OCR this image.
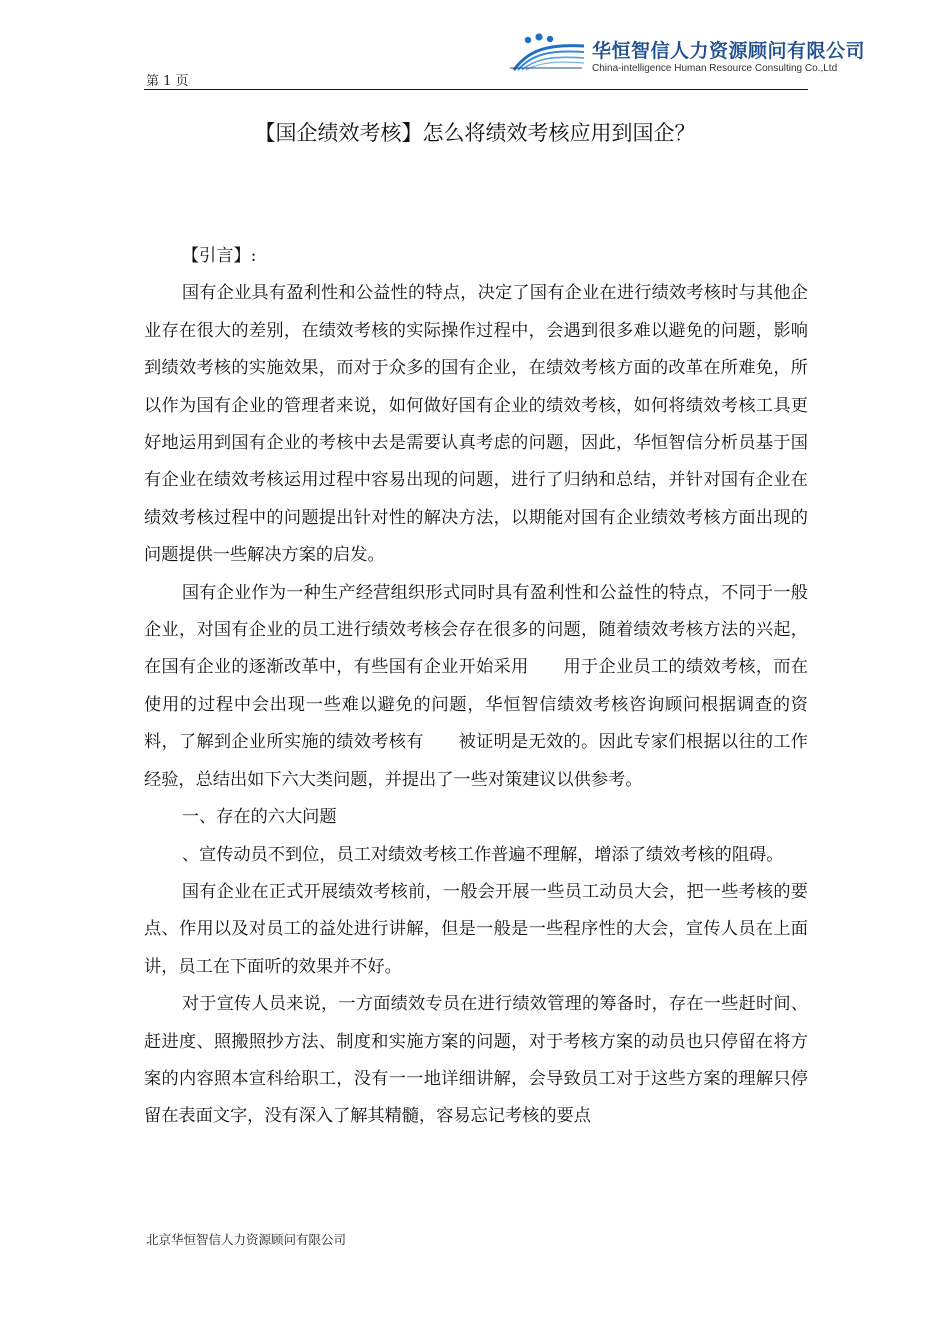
第 1 页
华恒智信人力资源顾问有限公司
China-intelligence Human Resource Consulting Co.,Ltd
【国企绩效考核】怎么将绩效考核应用到国企？

【引言】:

国有企业具有盈利性和公益性的特点，决定了国有企业在进行绩效考核时与其他企业存在很大的差别，在绩效考核的实际操作过程中，会遇到很多难以避免的问题，影响到绩效考核的实施效果，而对于众多的国有企业，在绩效考核方面的改革在所难免，所以作为国有企业的管理者来说，如何做好国有企业的绩效考核，如何将绩效考核工具更好地运用到国有企业的考核中去是需要认真考虑的问题，因此，华恒智信分析员基于国有企业在绩效考核运用过程中容易出现的问题，进行了归纳和总结，并针对国有企业在绩效考核过程中的问题提出针对性的解决方法，以期能对国有企业绩效考核方面出现的问题提供一些解决方案的启发。

国有企业作为一种生产经营组织形式同时具有盈利性和公益性的特点，不同于一般企业，对国有企业的员工进行绩效考核会存在很多的问题，随着绩效考核方法的兴起，在国有企业的逐渐改革中，有些国有企业开始采用　　用于企业员工的绩效考核，而在使用的过程中会出现一些难以避免的问题，华恒智信绩效考核咨询顾问根据调查的资料，了解到企业所实施的绩效考核有　　被证明是无效的。因此专家们根据以往的工作经验，总结出如下六大类问题，并提出了一些对策建议以供参考。

一、存在的六大问题

、宣传动员不到位，员工对绩效考核工作普遍不理解，增添了绩效考核的阻碍。

国有企业在正式开展绩效考核前，一般会开展一些员工动员大会，把一些考核的要点、作用以及对员工的益处进行讲解，但是一般是一些程序性的大会，宣传人员在上面讲，员工在下面听的效果并不好。

对于宣传人员来说，一方面绩效专员在进行绩效管理的筹备时，存在一些赶时间、赶进度、照搬照抄方法、制度和实施方案的问题，对于考核方案的动员也只停留在将方案的内容照本宣科给职工，没有一一地详细讲解，会导致员工对于这些方案的理解只停留在表面文字，没有深入了解其精髓，容易忘记考核的要点

北京华恒智信人力资源顾问有限公司
